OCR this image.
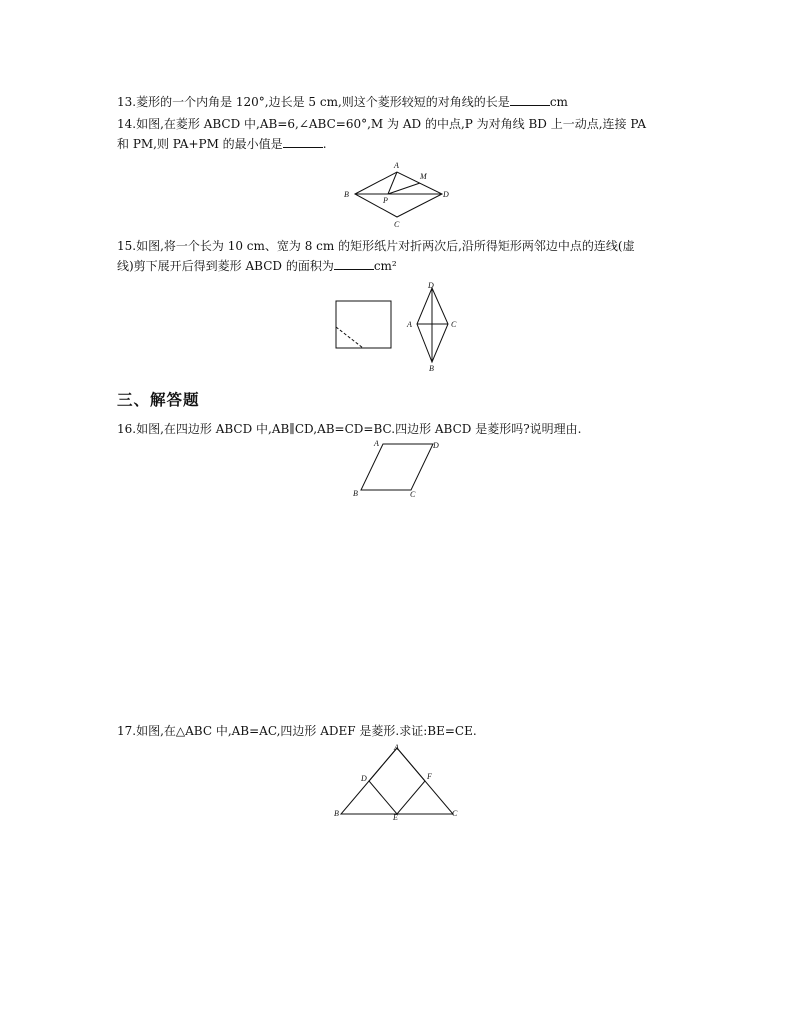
13.菱形的一个内角是 120°,边长是 5 cm,则这个菱形较短的对角线的长是	cm
14.如图,在菱形 ABCD 中,AB=6,∠ABC=60°,M 为 AD 的中点,P 为对角线 BD 上一动点,连接 PA
和 PM,则 PA+PM 的最小值是	.
A
B
C
D
M
P
15.如图,将一个长为 10 cm、宽为 8 cm 的矩形纸片对折两次后,沿所得矩形两邻边中点的连线(虚
线)剪下展开后得到菱形 ABCD 的面积为	cm²
D
A	C
B
三、解答题
16.如图,在四边形 ABCD 中,AB∥CD,AB=CD=BC.四边形 ABCD 是菱形吗?说明理由.
A	D
B	C
17.如图,在△ABC 中,AB=AC,四边形 ADEF 是菱形.求证:BE=CE.
A
D	F
B	E	C
